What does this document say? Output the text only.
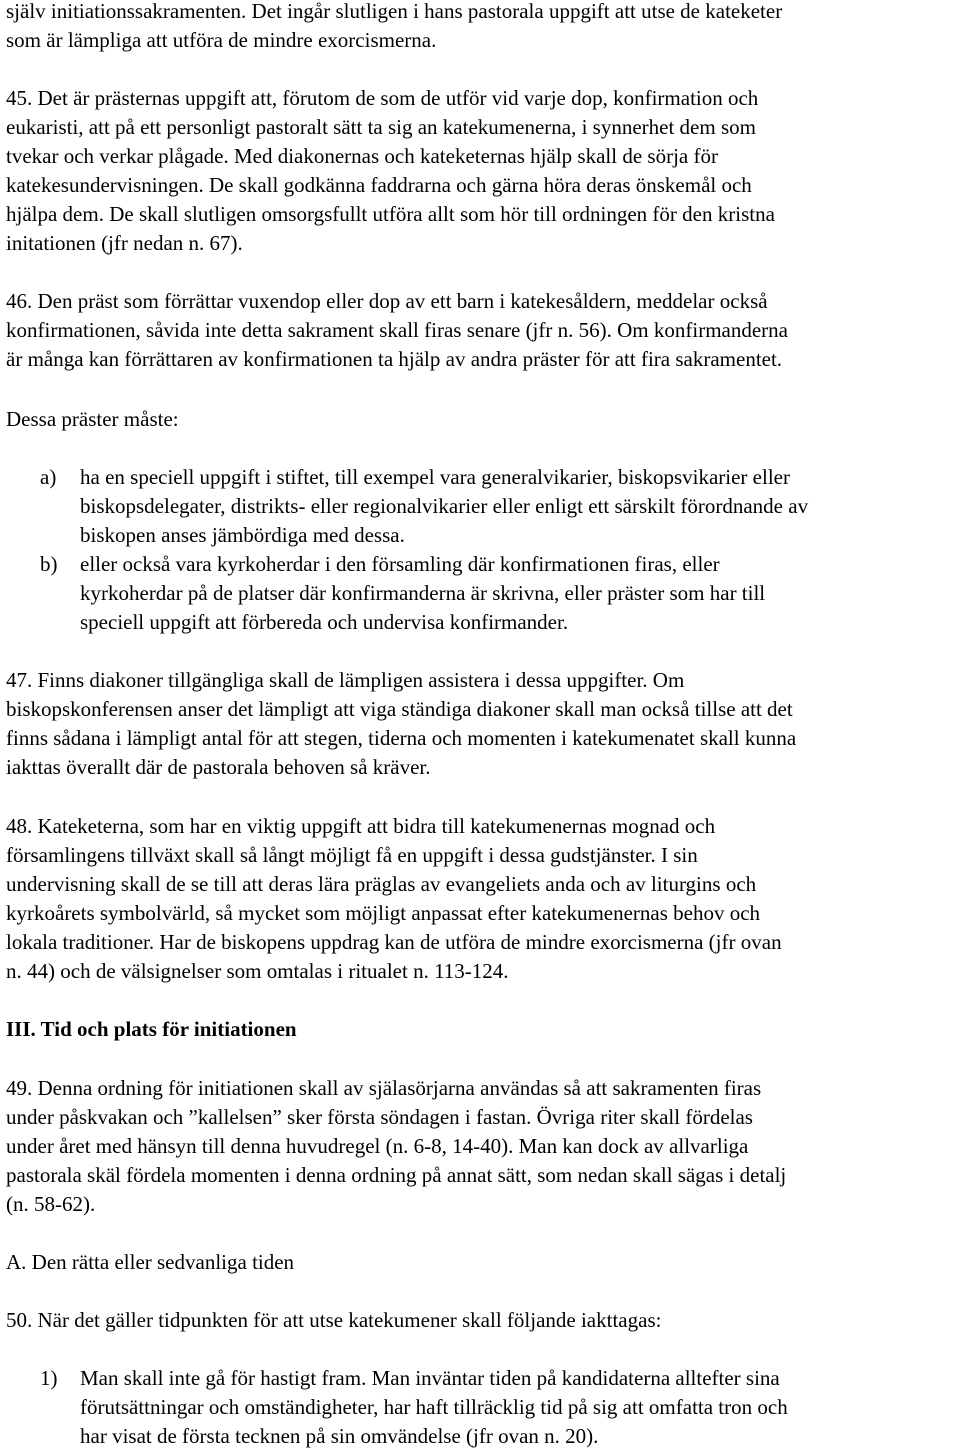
själv initiationssakramenten. Det ingår slutligen i hans pastorala uppgift att utse de kateketer
som är lämpliga att utföra de mindre exorcismerna.
45. Det är prästernas uppgift att, förutom de som de utför vid varje dop, konfirmation och
eukaristi, att på ett personligt pastoralt sätt ta sig an katekumenerna, i synnerhet dem som
tvekar och verkar plågade. Med diakonernas och kateketernas hjälp skall de sörja för
katekesundervisningen. De skall godkänna faddrarna och gärna höra deras önskemål och
hjälpa dem. De skall slutligen omsorgsfullt utföra allt som hör till ordningen för den kristna
initationen (jfr nedan n. 67).
46. Den präst som förrättar vuxendop eller dop av ett barn i katekesåldern, meddelar också
konfirmationen, såvida inte detta sakrament skall firas senare (jfr n. 56). Om konfirmanderna
är många kan förrättaren av konfirmationen ta hjälp av andra präster för att fira sakramentet.
Dessa präster måste:
a) ha en speciell uppgift i stiftet, till exempel vara generalvikarier, biskopsvikarier eller
biskopsdelegater, distrikts- eller regionalvikarier eller enligt ett särskilt förordnande av
biskopen anses jämbördiga med dessa.
b) eller också vara kyrkoherdar i den församling där konfirmationen firas, eller
kyrkoherdar på de platser där konfirmanderna är skrivna, eller präster som har till
speciell uppgift att förbereda och undervisa konfirmander.
47. Finns diakoner tillgängliga skall de lämpligen assistera i dessa uppgifter. Om
biskopskonferensen anser det lämpligt att viga ständiga diakoner skall man också tillse att det
finns sådana i lämpligt antal för att stegen, tiderna och momenten i katekumenatet skall kunna
iakttas överallt där de pastorala behoven så kräver.
48. Kateketerna, som har en viktig uppgift att bidra till katekumenernas mognad och
församlingens tillväxt skall så långt möjligt få en uppgift i dessa gudstjänster. I sin
undervisning skall de se till att deras lära präglas av evangeliets anda och av liturgins och
kyrkoårets symbolvärld, så mycket som möjligt anpassat efter katekumenernas behov och
lokala traditioner. Har de biskopens uppdrag kan de utföra de mindre exorcismerna (jfr ovan
n. 44) och de välsignelser som omtalas i ritualet n. 113-124.
III. Tid och plats för initiationen
49. Denna ordning för initiationen skall av själasörjarna användas så att sakramenten firas
under påskvakan och ”kallelsen” sker första söndagen i fastan. Övriga riter skall fördelas
under året med hänsyn till denna huvudregel (n. 6-8, 14-40). Man kan dock av allvarliga
pastorala skäl fördela momenten i denna ordning på annat sätt, som nedan skall sägas i detalj
(n. 58-62).
A. Den rätta eller sedvanliga tiden
50. När det gäller tidpunkten för att utse katekumener skall följande iakttagas:
1) Man skall inte gå för hastigt fram. Man inväntar tiden på kandidaterna alltefter sina
förutsättningar och omständigheter, har haft tillräcklig tid på sig att omfatta tron och
har visat de första tecknen på sin omvändelse (jfr ovan n. 20).
